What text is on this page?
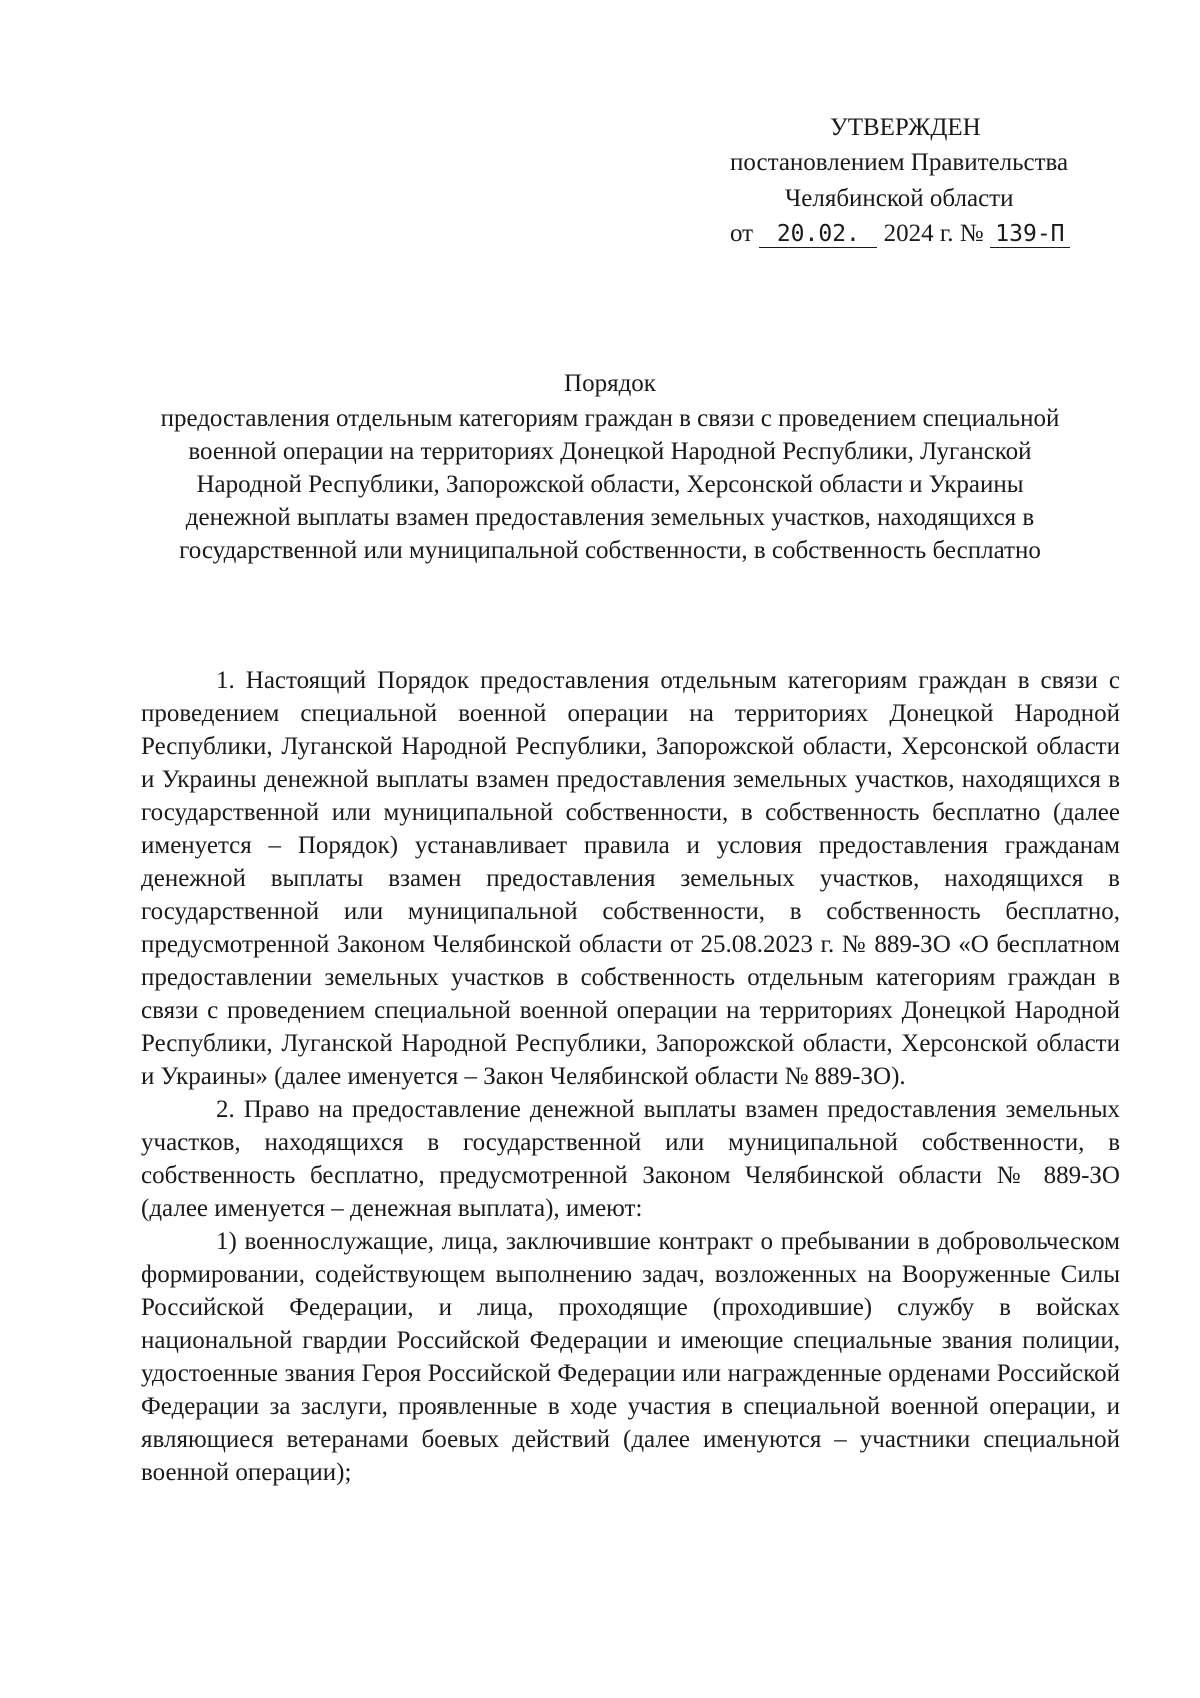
УТВЕРЖДЕН
постановлением Правительства
Челябинской области
от 20.02. 2024 г. № 139-П
Порядок
предоставления отдельным категориям граждан в связи с проведением специальной военной операции на территориях Донецкой Народной Республики, Луганской Народной Республики, Запорожской области, Херсонской области и Украины денежной выплаты взамен предоставления земельных участков, находящихся в государственной или муниципальной собственности, в собственность бесплатно

1. Настоящий Порядок предоставления отдельным категориям граждан в связи с проведением специальной военной операции на территориях Донецкой Народной Республики, Луганской Народной Республики, Запорожской области, Херсонской области и Украины денежной выплаты взамен предоставления земельных участков, находящихся в государственной или муниципальной собственности, в собственность бесплатно (далее именуется – Порядок) устанавливает правила и условия предоставления гражданам денежной выплаты взамен предоставления земельных участков, находящихся в государственной или муниципальной собственности, в собственность бесплатно, предусмотренной Законом Челябинской области от 25.08.2023 г. № 889-ЗО «О бесплатном предоставлении земельных участков в собственность отдельным категориям граждан в связи с проведением специальной военной операции на территориях Донецкой Народной Республики, Луганской Народной Республики, Запорожской области, Херсонской области и Украины» (далее именуется – Закон Челябинской области № 889-ЗО).

2. Право на предоставление денежной выплаты взамен предоставления земельных участков, находящихся в государственной или муниципальной собственности, в собственность бесплатно, предусмотренной Законом Челябинской области № 889-ЗО (далее именуется – денежная выплата), имеют:

1) военнослужащие, лица, заключившие контракт о пребывании в добровольческом формировании, содействующем выполнению задач, возложенных на Вооруженные Силы Российской Федерации, и лица, проходящие (проходившие) службу в войсках национальной гвардии Российской Федерации и имеющие специальные звания полиции, удостоенные звания Героя Российской Федерации или награжденные орденами Российской Федерации за заслуги, проявленные в ходе участия в специальной военной операции, и являющиеся ветеранами боевых действий (далее именуются – участники специальной военной операции);
